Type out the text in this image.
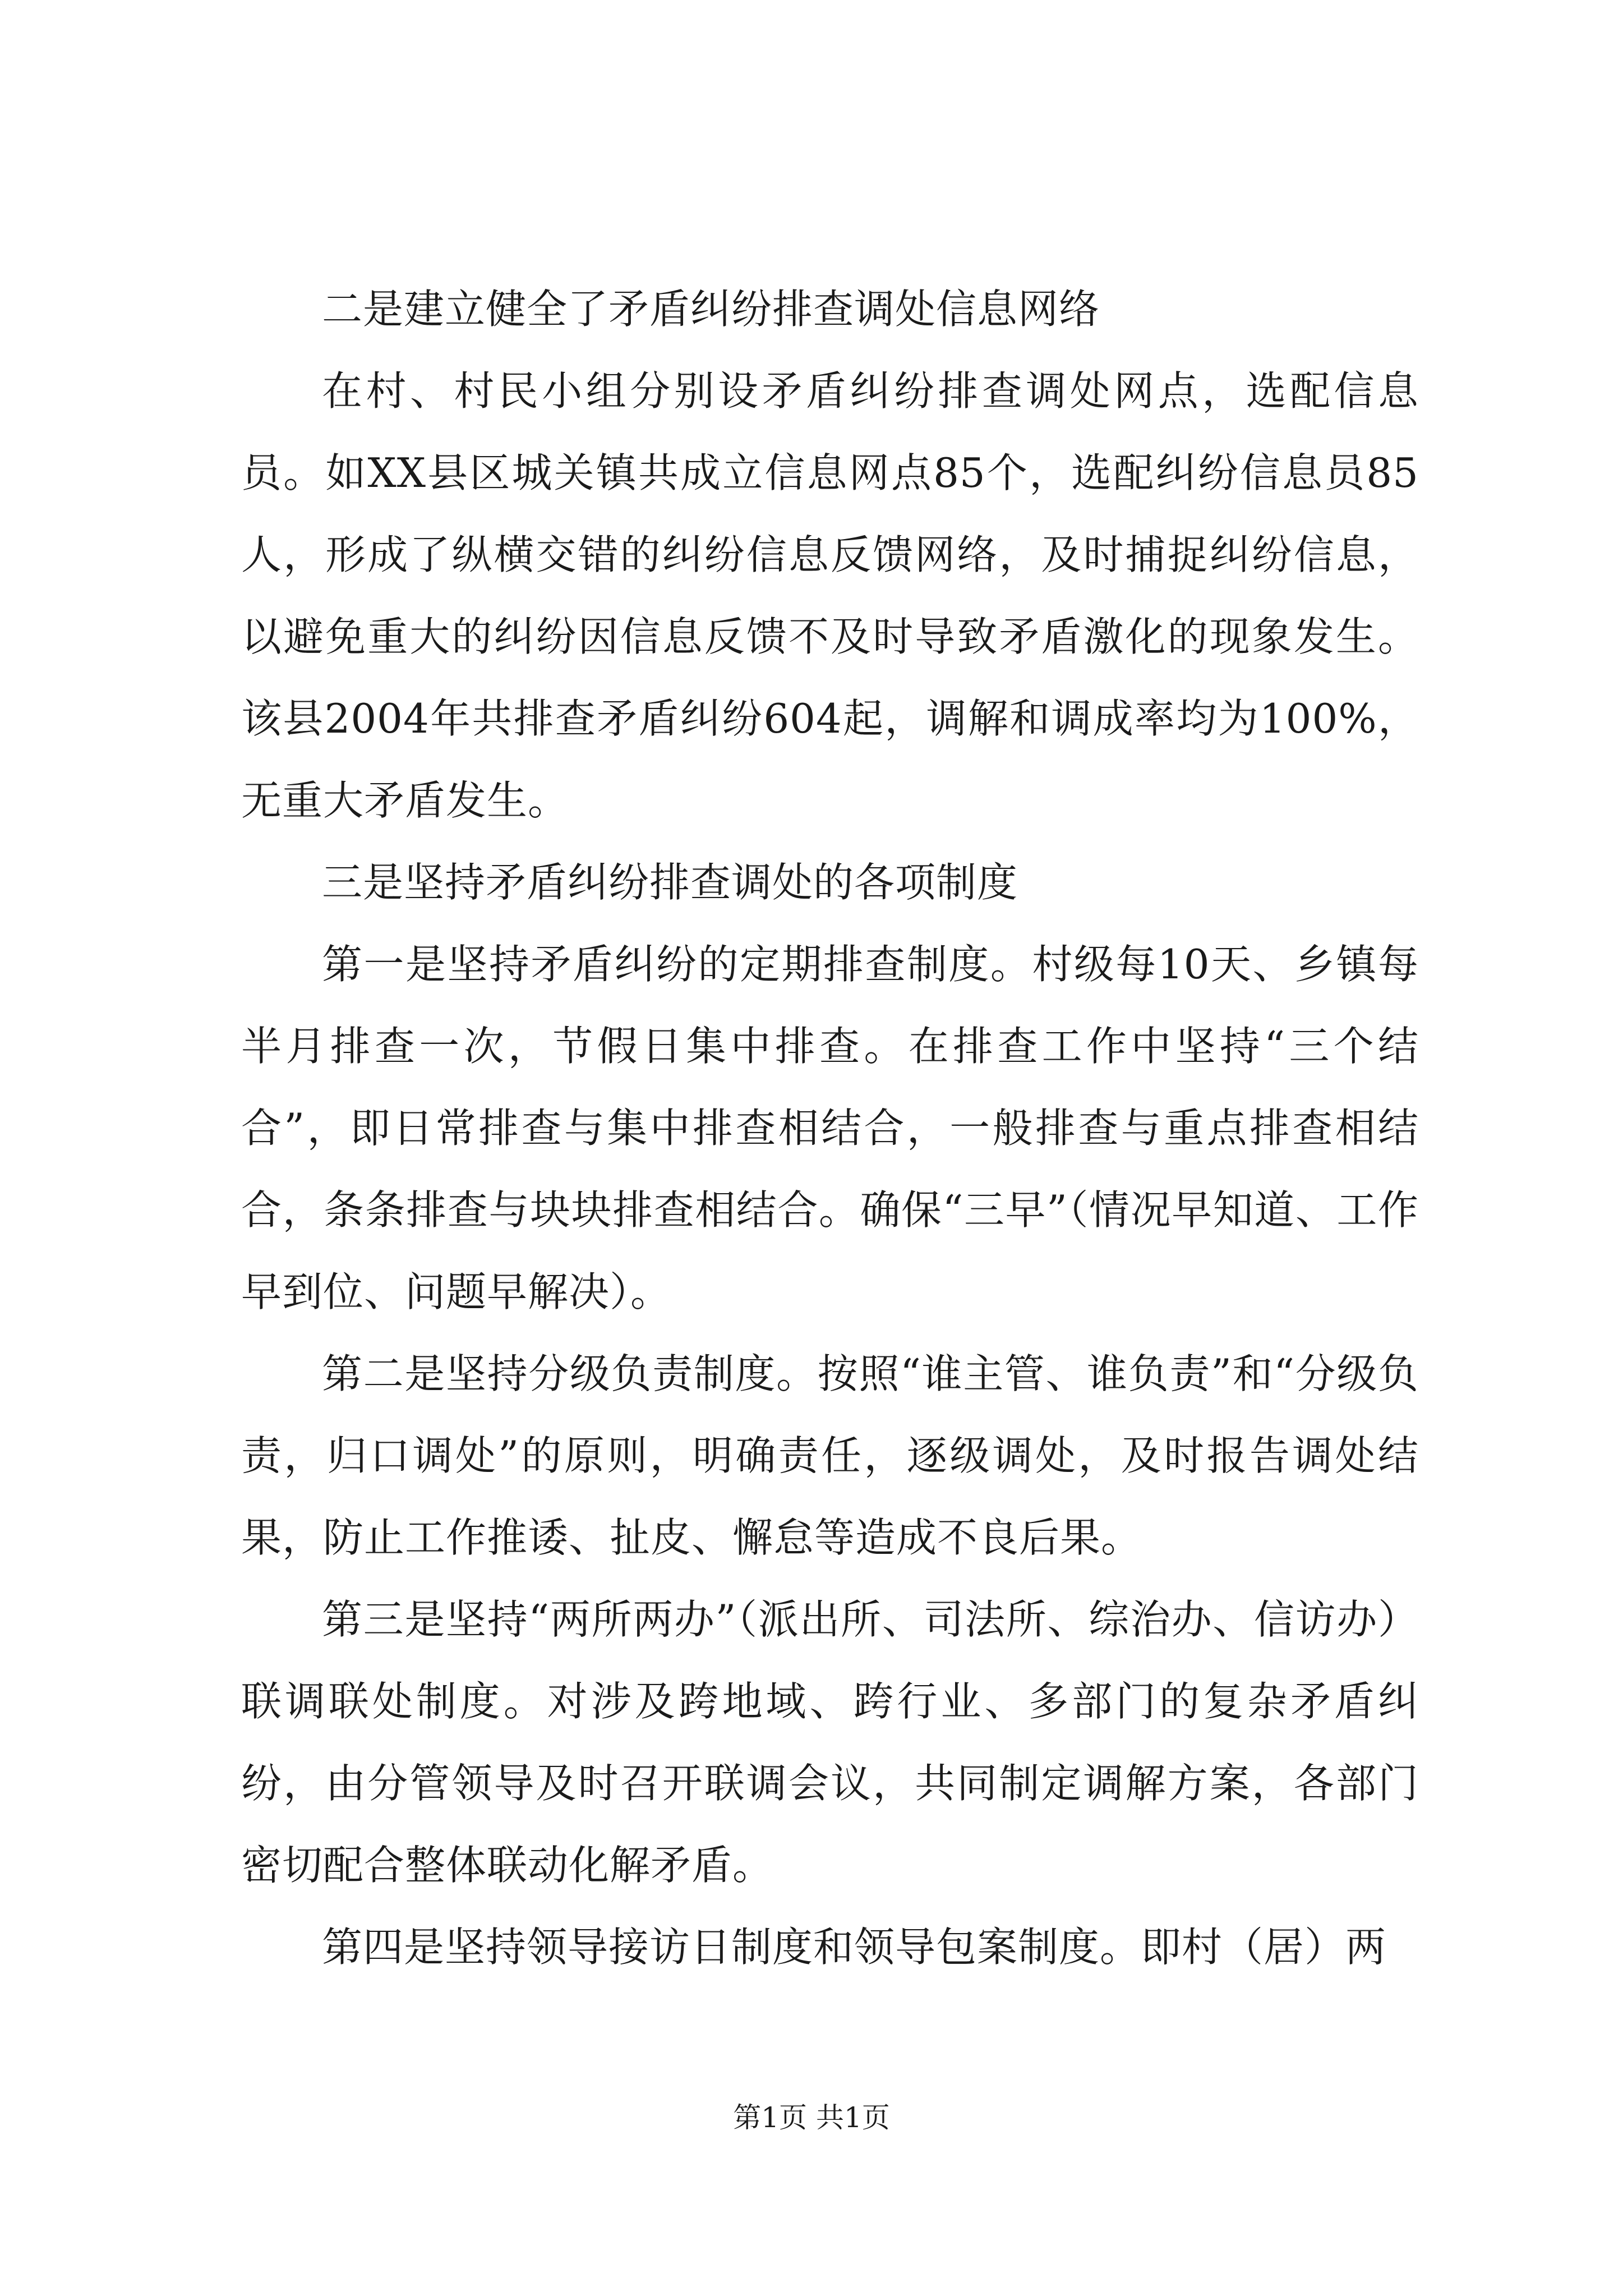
二是建立健全了矛盾纠纷排查调处信息网络

在村、村民小组分别设矛盾纠纷排查调处网点，选配信息员。如XX县区城关镇共成立信息网点85个，选配纠纷信息员85人，形成了纵横交错的纠纷信息反馈网络，及时捕捉纠纷信息，以避免重大的纠纷因信息反馈不及时导致矛盾激化的现象发生。该县2004年共排查矛盾纠纷604起，调解和调成率均为100%，无重大矛盾发生。

三是坚持矛盾纠纷排查调处的各项制度

第一是坚持矛盾纠纷的定期排查制度。村级每10天、乡镇每半月排查一次，节假日集中排查。在排查工作中坚持“三个结合”，即日常排查与集中排查相结合，一般排查与重点排查相结合，条条排查与块块排查相结合。确保“三早”（情况早知道、工作早到位、问题早解决）。

第二是坚持分级负责制度。按照“谁主管、谁负责”和“分级负责，归口调处”的原则，明确责任，逐级调处，及时报告调处结果，防止工作推诿、扯皮、懈怠等造成不良后果。

第三是坚持“两所两办”（派出所、司法所、综治办、信访办）联调联处制度。对涉及跨地域、跨行业、多部门的复杂矛盾纠纷，由分管领导及时召开联调会议，共同制定调解方案，各部门密切配合整体联动化解矛盾。

第四是坚持领导接访日制度和领导包案制度。即村（居）两

第1页 共1页
